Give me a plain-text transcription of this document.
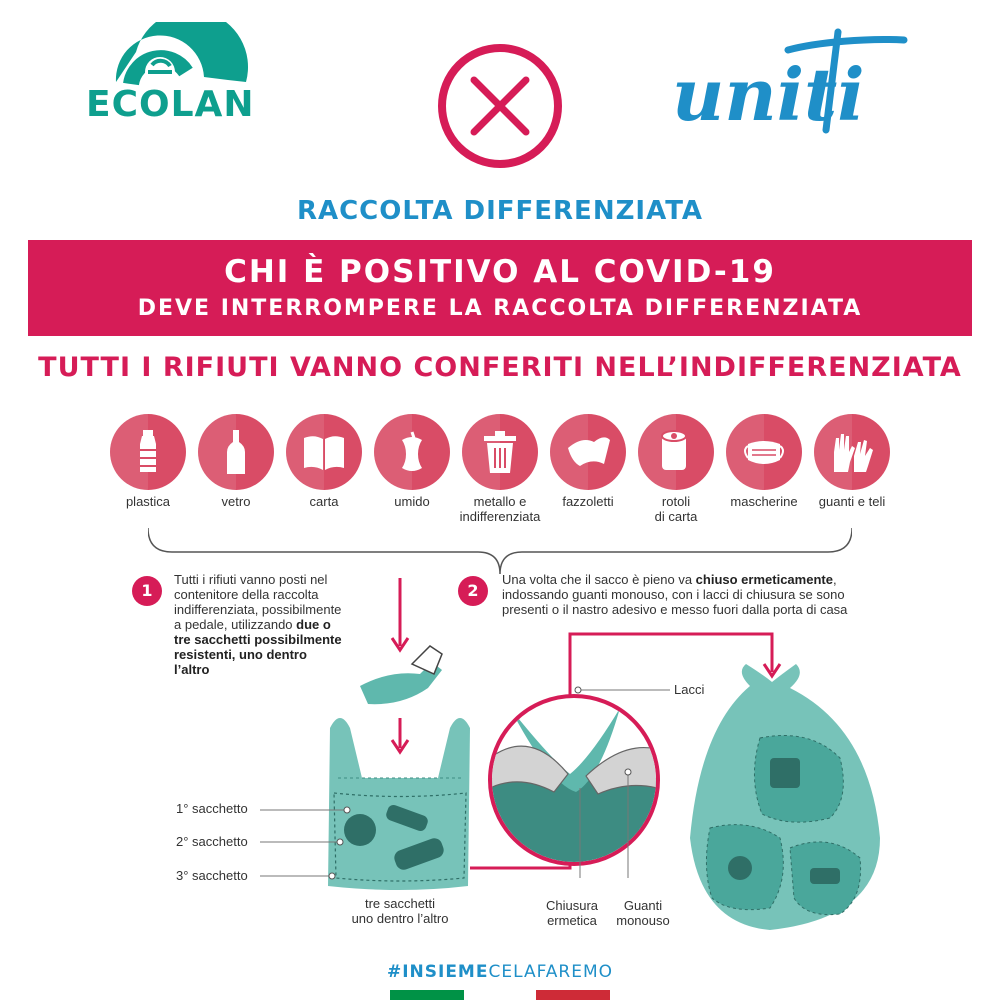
ECOLAN	uniti
RACCOLTA DIFFERENZIATA
CHI È POSITIVO AL COVID-19
DEVE INTERROMPERE LA RACCOLTA DIFFERENZIATA
TUTTI I RIFIUTI VANNO CONFERITI NELL’INDIFFERENZIATA
plastica	vetro	carta	umido	metallo e
indifferenziata
fazzoletti	rotoli
di carta
mascherine	guanti e teli
1
Tutti i rifiuti vanno posti nel contenitore della raccolta indifferenziata, possibilmente a pedale, utilizzando due o tre sacchetti possibilmente resistenti, uno dentro l’altro
2
Una volta che il sacco è pieno va chiuso ermeticamente, indossando guanti monouso, con i lacci di chiusura se sono presenti o il nastro adesivo e messo fuori dalla porta di casa
1° sacchetto
2° sacchetto
3° sacchetto
tre sacchetti
uno dentro l’altro
Lacci
Chiusura
ermetica
Guanti
monouso
#INSIEMECELAFAREMO
